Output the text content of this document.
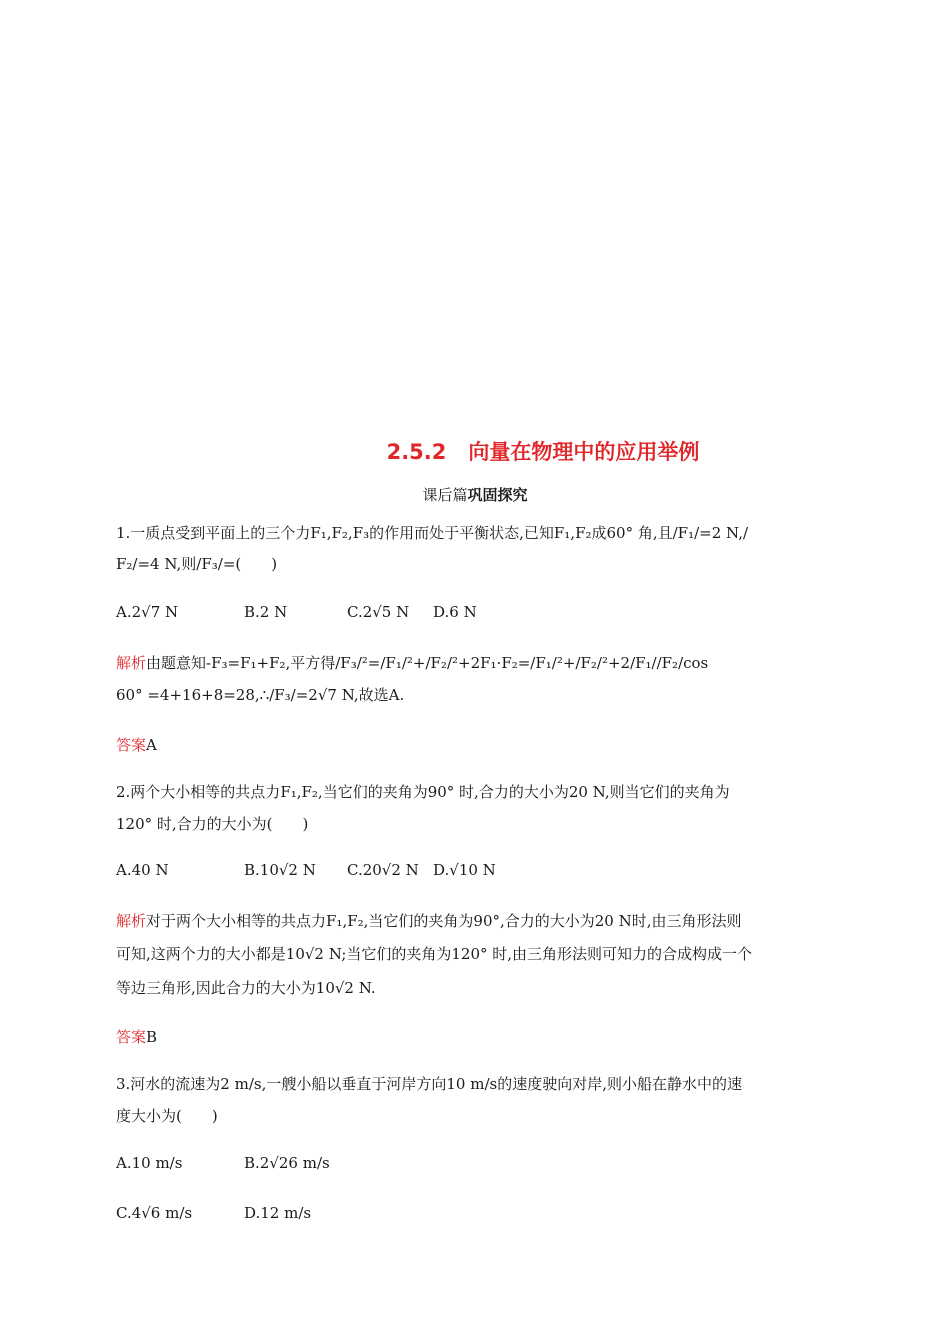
2.5.2 向量在物理中的应用举例
课后篇巩固探究
1.一质点受到平面上的三个力F₁,F₂,F₃的作用而处于平衡状态,已知F₁,F₂成60° 角,且/F₁/=2 N,/
F₂/=4 N,则/F₃/=(　　)
A.2√7 N	B.2 N	C.2√5 N D.6 N
解析由题意知-F₃=F₁+F₂,平方得/F₃/²=/F₁/²+/F₂/²+2F₁·F₂=/F₁/²+/F₂/²+2/F₁//F₂/cos
60° =4+16+8=28,∴/F₃/=2√7 N,故选A.
答案A
2.两个大小相等的共点力F₁,F₂,当它们的夹角为90° 时,合力的大小为20 N,则当它们的夹角为
120° 时,合力的大小为(　　)
A.40 N	B.10√2 N C.20√2 N D.√10 N
解析对于两个大小相等的共点力F₁,F₂,当它们的夹角为90°,合力的大小为20 N时,由三角形法则
可知,这两个力的大小都是10√2 N;当它们的夹角为120° 时,由三角形法则可知力的合成构成一个
等边三角形,因此合力的大小为10√2 N.
答案B
3.河水的流速为2 m/s,一艘小船以垂直于河岸方向10 m/s的速度驶向对岸,则小船在静水中的速
度大小为(　　)
A.10 m/s	B.2√26 m/s
C.4√6 m/s	D.12 m/s
